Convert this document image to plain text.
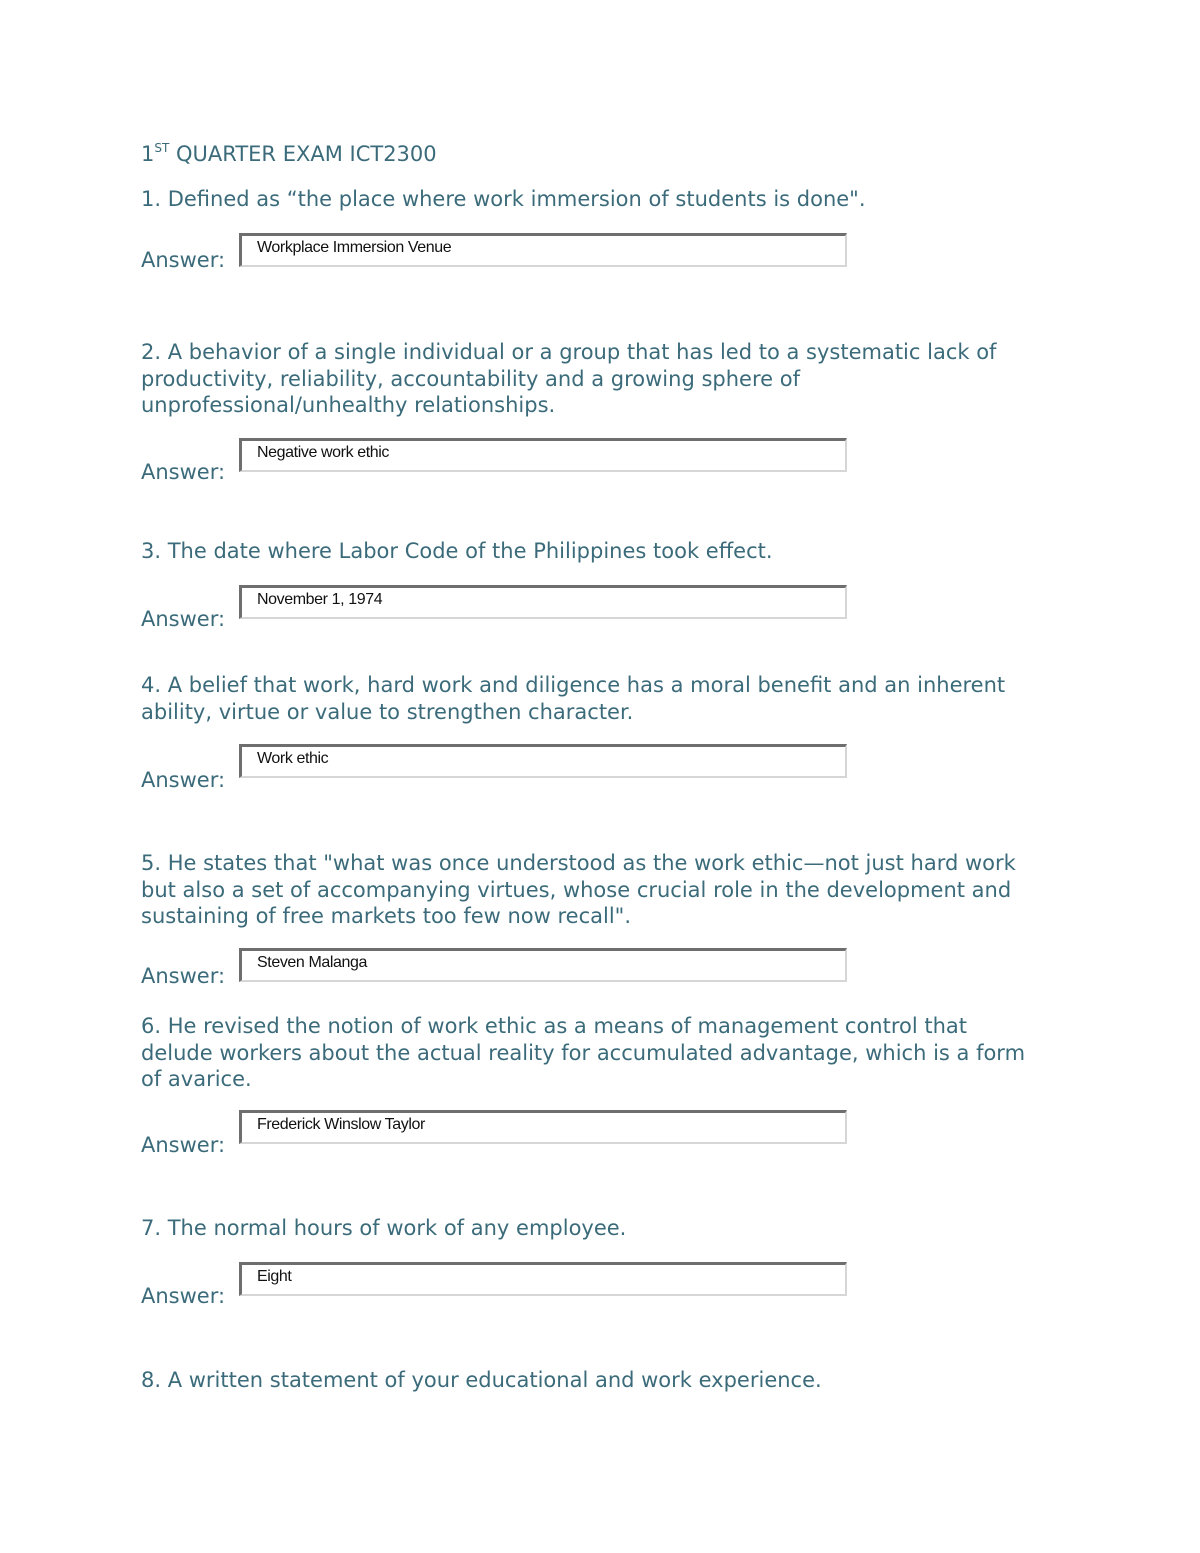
1ST QUARTER EXAM ICT2300

1. Defined as “the place where work immersion of students is done".

Answer:
Workplace Immersion Venue

2. A behavior of a single individual or a group that has led to a systematic lack of productivity, reliability, accountability and a growing sphere of unprofessional/unhealthy relationships.

Answer:
Negative work ethic

3. The date where Labor Code of the Philippines took effect.

Answer:
November 1, 1974

4. A belief that work, hard work and diligence has a moral benefit and an inherent ability, virtue or value to strengthen character.

Answer:
Work ethic

5. He states that "what was once understood as the work ethic—not just hard work but also a set of accompanying virtues, whose crucial role in the development and sustaining of free markets too few now recall".

Answer:
Steven Malanga

6. He revised the notion of work ethic as a means of management control that delude workers about the actual reality for accumulated advantage, which is a form of avarice.

Answer:
Frederick Winslow Taylor

7. The normal hours of work of any employee.

Answer:
Eight

8. A written statement of your educational and work experience.
